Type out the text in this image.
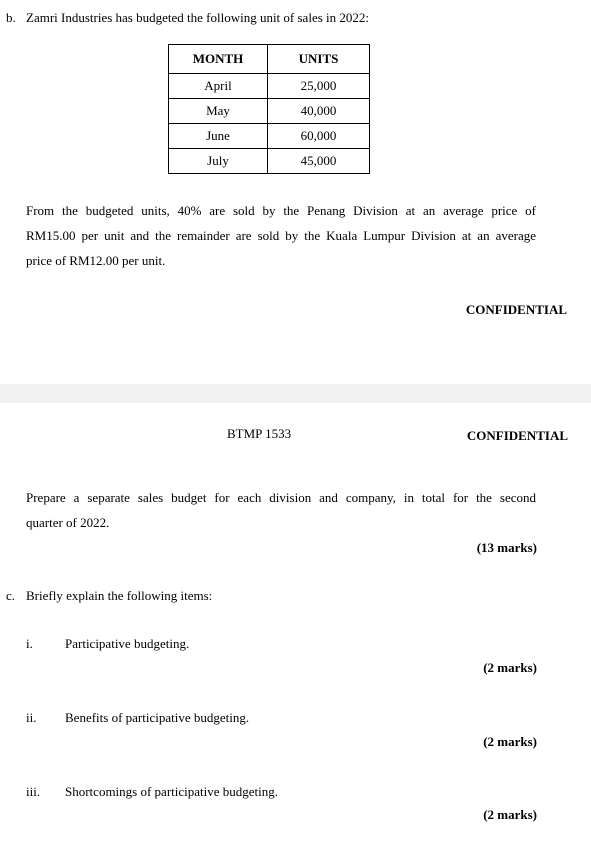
b. Zamri Industries has budgeted the following unit of sales in 2022:
MONTH	UNITS
April	25,000
May	40,000
June	60,000
July	45,000
From the budgeted units, 40% are sold by the Penang Division at an average price of
RM15.00 per unit and the remainder are sold by the Kuala Lumpur Division at an average
price of RM12.00 per unit.
CONFIDENTIAL
BTMP 1533	CONFIDENTIAL
Prepare a separate sales budget for each division and company, in total for the second
quarter of 2022.
(13 marks)
c. Briefly explain the following items:
i. Participative budgeting.
(2 marks)
ii. Benefits of participative budgeting.
(2 marks)
iii. Shortcomings of participative budgeting.
(2 marks)
